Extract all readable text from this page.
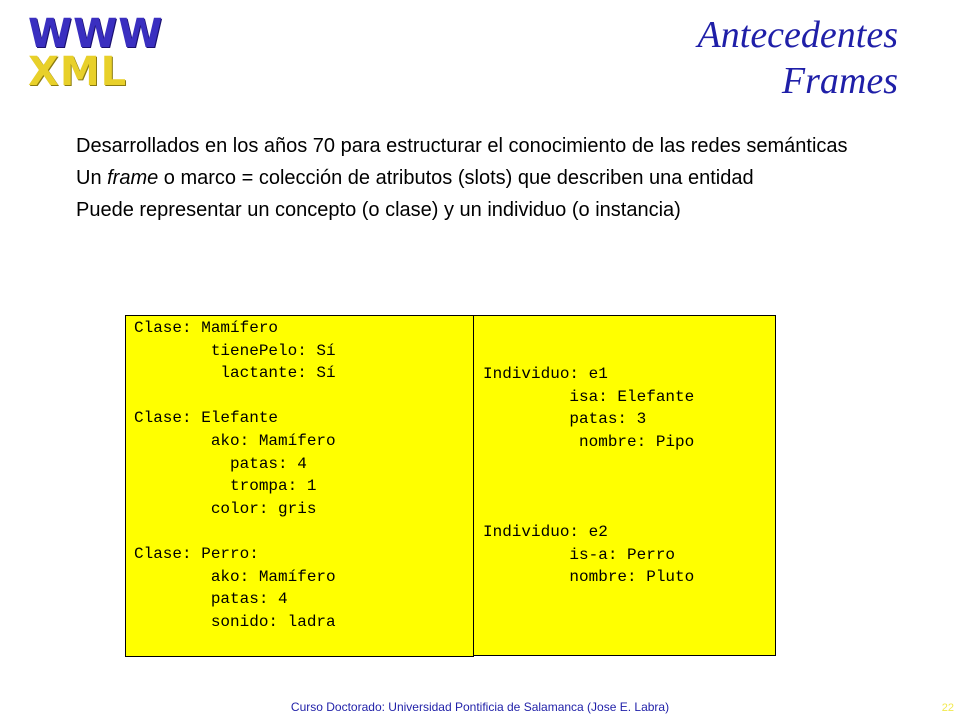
WWW
XML
Antecedentes
Frames
Desarrollados en los años 70 para estructurar el conocimiento de las redes semánticas
Un frame o marco = colección de atributos (slots) que describen una entidad
Puede representar un concepto (o clase) y un individuo (o instancia)
Clase: Mamífero
tienePelo: Sí
lactante: Sí
Clase: Elefante
ako: Mamífero
patas: 4
trompa: 1
color: gris
Clase: Perro:
ako: Mamífero
patas: 4
sonido: ladra
Individuo: e1
isa: Elefante
patas: 3
nombre: Pipo
Individuo: e2
is-a: Perro
nombre: Pluto
Curso Doctorado: Universidad Pontificia de Salamanca (Jose E. Labra)	22
